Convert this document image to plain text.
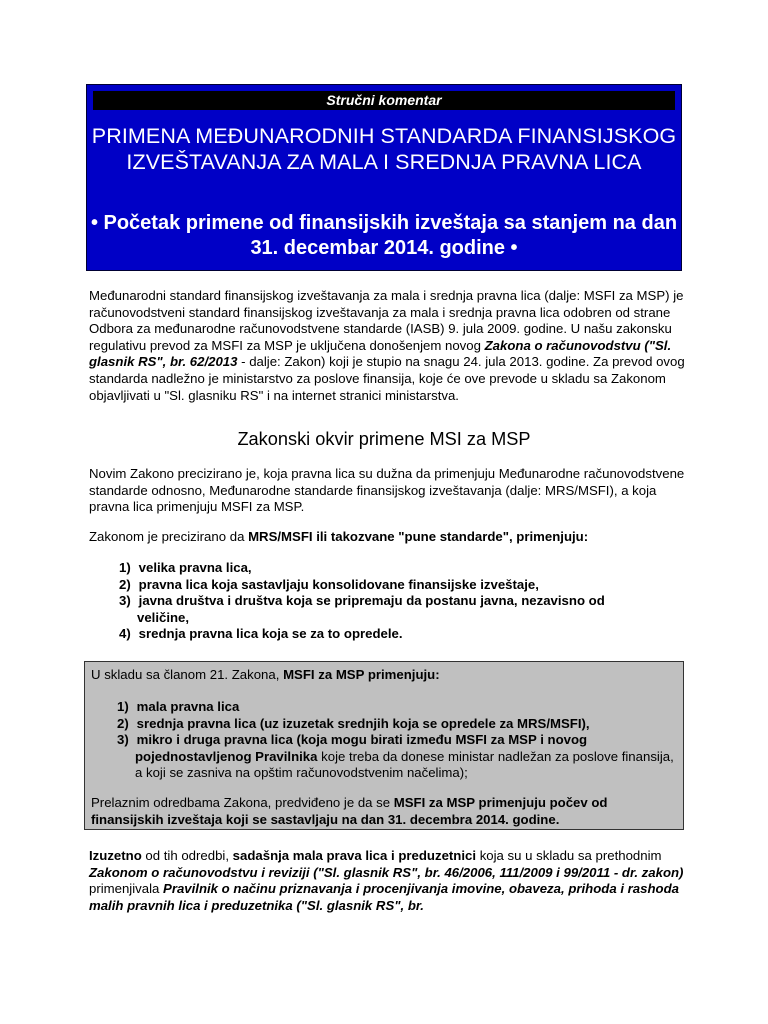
Stručni komentar
PRIMENA MEĐUNARODNIH STANDARDA FINANSIJSKOG IZVEŠTAVANJA ZA MALA I SREDNJA PRAVNA LICA
• Početak primene od finansijskih izveštaja sa stanjem na dan 31. decembar 2014. godine •
Međunarodni standard finansijskog izveštavanja za mala i srednja pravna lica (dalje: MSFI za MSP) je računovodstveni standard finansijskog izveštavanja za mala i srednja pravna lica odobren od strane Odbora za međunarodne računovodstvene standarde (IASB) 9. jula 2009. godine. U našu zakonsku regulativu prevod za MSFI za MSP je uključena donošenjem novog Zakona o računovodstvu ("Sl. glasnik RS", br. 62/2013 - dalje: Zakon) koji je stupio na snagu 24. jula 2013. godine. Za prevod ovog standarda nadležno je ministarstvo za poslove finansija, koje će ove prevode u skladu sa Zakonom objavljivati u "Sl. glasniku RS" i na internet stranici ministarstva.
Zakonski okvir primene MSI za MSP
Novim Zakono precizirano je, koja pravna lica su dužna da primenjuju Međunarodne računovodstvene standarde odnosno, Međunarodne standarde finansijskog izveštavanja (dalje: MRS/MSFI), a koja pravna lica primenjuju MSFI za MSP.
Zakonom je precizirano da MRS/MSFI ili takozvane "pune standarde", primenjuju:
1) velika pravna lica,
2) pravna lica koja sastavljaju konsolidovane finansijske izveštaje,
3) javna društva i društva koja se pripremaju da postanu javna, nezavisno od
veličine,
4) srednja pravna lica koja se za to opredele.
U skladu sa članom 21. Zakona, MSFI za MSP primenjuju:
1) mala pravna lica
2) srednja pravna lica (uz izuzetak srednjih koja se opredele za MRS/MSFI),
3) mikro i druga pravna lica (koja mogu birati između MSFI za MSP i novog
pojednostavljenog Pravilnika koje treba da donese ministar nadležan za poslove finansija, a koji se zasniva na opštim računovodstvenim načelima);
Prelaznim odredbama Zakona, predviđeno je da se MSFI za MSP primenjuju počev od finansijskih izveštaja koji se sastavljaju na dan 31. decembra 2014. godine.
Izuzetno od tih odredbi, sadašnja mala prava lica i preduzetnici koja su u skladu sa prethodnim Zakonom o računovodstvu i reviziji ("Sl. glasnik RS", br. 46/2006, 111/2009 i 99/2011 - dr. zakon) primenjivala Pravilnik o načinu priznavanja i procenjivanja imovine, obaveza, prihoda i rashoda malih pravnih lica i preduzetnika ("Sl. glasnik RS", br.
